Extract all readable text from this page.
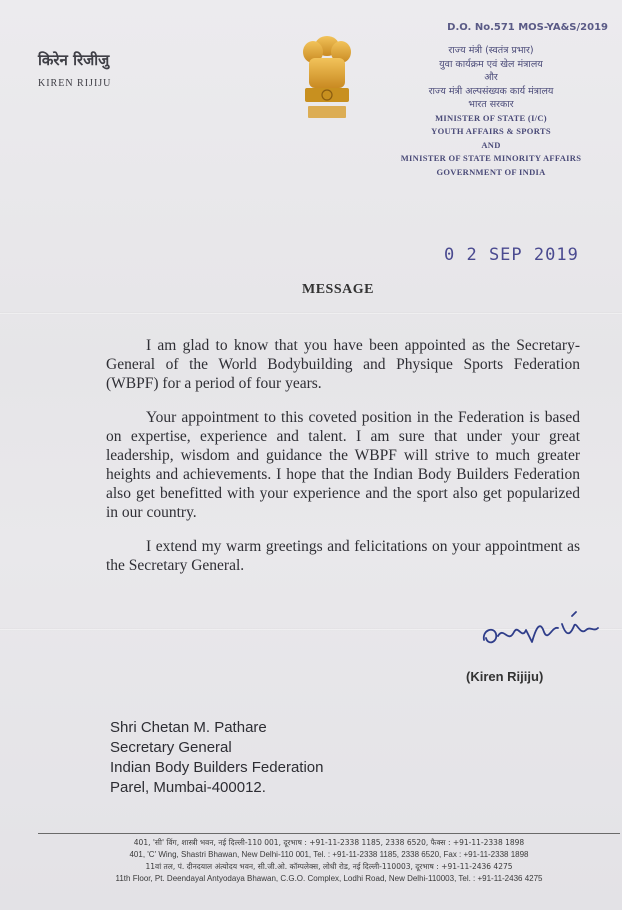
किरेन रिजीजु
KIREN RIJIJU
D.O. No.571 MOS-YA&S/2019
राज्य मंत्री (स्वतंत्र प्रभार)
युवा कार्यक्रम एवं खेल मंत्रालय
और
राज्य मंत्री अल्पसंख्यक कार्य मंत्रालय
भारत सरकार
MINISTER OF STATE (I/C)
YOUTH AFFAIRS & SPORTS
AND
MINISTER OF STATE MINORITY AFFAIRS
GOVERNMENT OF INDIA
0 2 SEP 2019
MESSAGE

I am glad to know that you have been appointed as the Secretary-General of the World Bodybuilding and Physique Sports Federation (WBPF) for a period of four years.

Your appointment to this coveted position in the Federation is based on expertise, experience and talent. I am sure that under your great leadership, wisdom and guidance the WBPF will strive to much greater heights and achievements. I hope that the Indian Body Builders Federation also get benefitted with your experience and the sport also get popularized in our country.

I extend my warm greetings and felicitations on your appointment as the Secretary General.

(Kiren Rijiju)
Shri Chetan M. Pathare
Secretary General
Indian Body Builders Federation
Parel, Mumbai-400012.
401, 'सी' विंग, शास्त्री भवन, नई दिल्ली-110 001, दूरभाष : +91-11-2338 1185, 2338 6520, फैक्स : +91-11-2338 1898
401, 'C' Wing, Shastri Bhawan, New Delhi-110 001, Tel. : +91-11-2338 1185, 2338 6520, Fax : +91-11-2338 1898
11वां तल, पं. दीनदयाल अंत्योदय भवन, सी.जी.ओ. कॉम्पलेक्स, लोधी रोड, नई दिल्ली-110003, दूरभाष : +91-11-2436 4275
11th Floor, Pt. Deendayal Antyodaya Bhawan, C.G.O. Complex, Lodhi Road, New Delhi-110003, Tel. : +91-11-2436 4275
